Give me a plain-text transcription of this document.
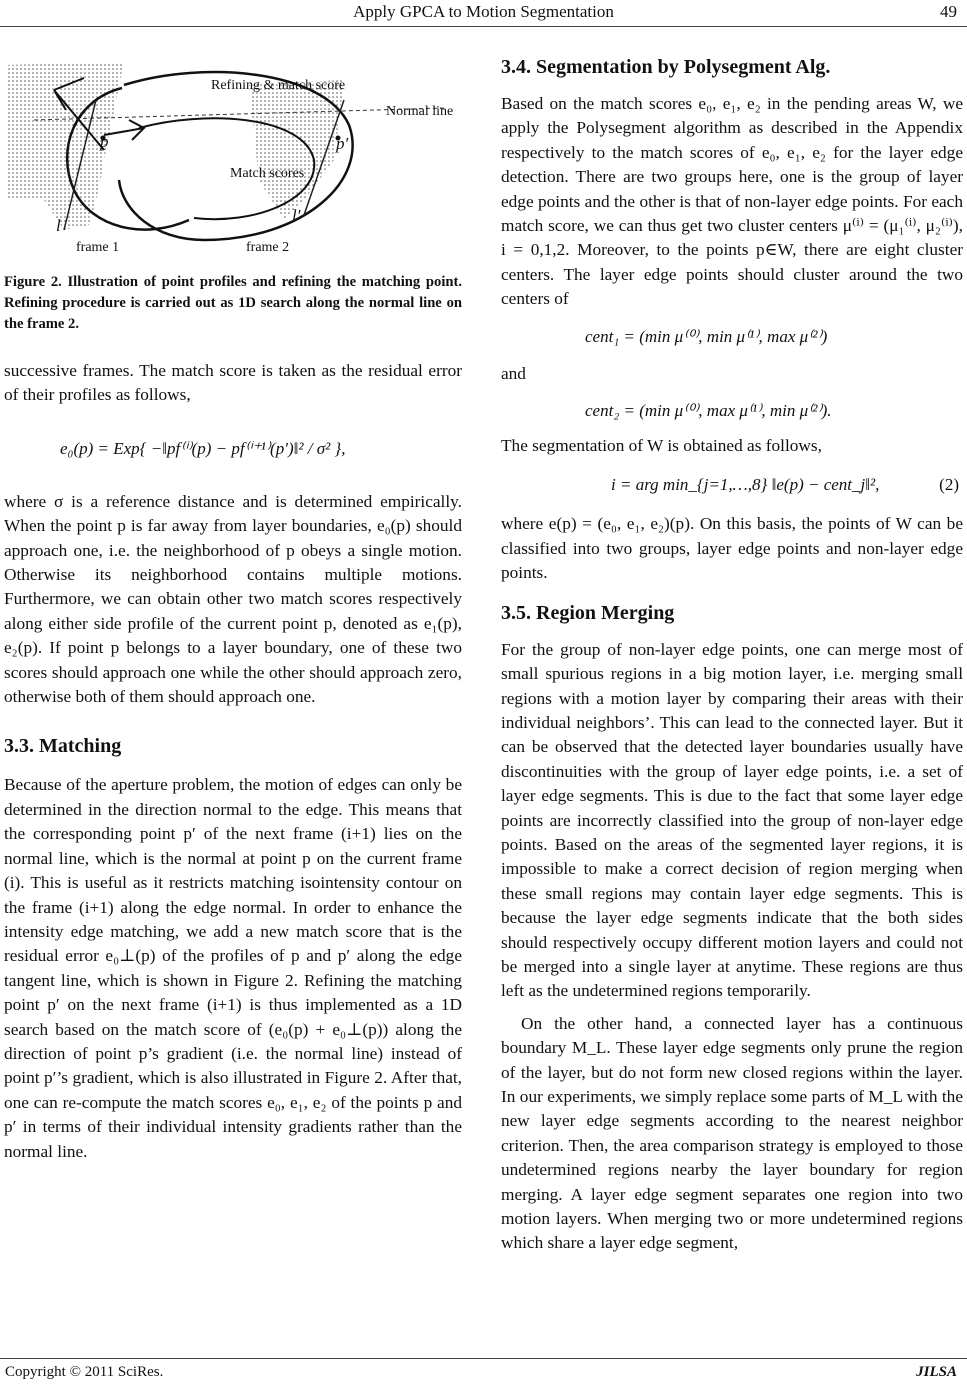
Apply GPCA to Motion Segmentation	49
Refining & match score
Normal line
Match scores
frame 1	frame 2
l
l′
p	p′
Figure 2. Illustration of point profiles and refining the matching point. Refining procedure is carried out as 1D search along the normal line on the frame 2.

successive frames. The match score is taken as the residual error of their profiles as follows,

e₀(p) = Exp{ −‖pf⁽ⁱ⁾(p) − pf⁽ⁱ⁺¹⁾(p′)‖² / σ² },

where σ is a reference distance and is determined empirically. When the point p is far away from layer boundaries, e₀(p) should approach one, i.e. the neighborhood of p obeys a single motion. Otherwise its neighborhood contains multiple motions. Furthermore, we can obtain other two match scores respectively along either side profile of the current point p, denoted as e₁(p), e₂(p). If point p belongs to a layer boundary, one of these two scores should approach one while the other should approach zero, otherwise both of them should approach one.

3.3. Matching

Because of the aperture problem, the motion of edges can only be determined in the direction normal to the edge. This means that the corresponding point p′ of the next frame (i+1) lies on the normal line, which is the normal at point p on the current frame (i). This is useful as it restricts matching isointensity contour on the frame (i+1) along the edge normal. In order to enhance the intensity edge matching, we add a new match score that is the residual error e₀⊥(p) of the profiles of p and p′ along the edge tangent line, which is shown in Figure 2. Refining the matching point p′ on the next frame (i+1) is thus implemented as a 1D search based on the match score of (e₀(p) + e₀⊥(p)) along the direction of point p’s gradient (i.e. the normal line) instead of point p′’s gradient, which is also illustrated in Figure 2. After that, one can re-compute the match scores e₀, e₁, e₂ of the points p and p′ in terms of their individual intensity gradients rather than the normal line.

3.4. Segmentation by Polysegment Alg.

Based on the match scores e₀, e₁, e₂ in the pending areas W, we apply the Polysegment algorithm as described in the Appendix respectively to the match scores of e₀, e₁, e₂ for the layer edge detection. There are two groups here, one is the group of layer edge points and the other is that of non-layer edge points. For each match score, we can thus get two cluster centers μ⁽ⁱ⁾ = (μ₁⁽ⁱ⁾, μ₂⁽ⁱ⁾), i = 0,1,2. Moreover, to the points p∈W, there are eight cluster centers. The layer edge points should cluster around the two centers of

cent₁ = (min μ⁽⁰⁾, min μ⁽¹⁾, max μ⁽²⁾)

and

cent₂ = (min μ⁽⁰⁾, max μ⁽¹⁾, min μ⁽²⁾).

The segmentation of W is obtained as follows,

i = arg min_{j=1,…,8} ‖e(p) − cent_j‖²,	(2)

where e(p) = (e₀, e₁, e₂)(p). On this basis, the points of W can be classified into two groups, layer edge points and non-layer edge points.

3.5. Region Merging

For the group of non-layer edge points, one can merge most of small spurious regions in a big motion layer, i.e. merging small regions with a motion layer by comparing their areas with their individual neighbors’. This can lead to the connected layer. But it can be observed that the detected layer boundaries usually have discontinuities with the group of layer edge points, i.e. a set of layer edge segments. This is due to the fact that some layer edge points are incorrectly classified into the group of non-layer edge points. Based on the areas of the segmented layer regions, it is impossible to make a correct decision of region merging when these small regions may contain layer edge segments. This is because the layer edge segments indicate that the both sides should respectively occupy different motion layers and could not be merged into a single layer at anytime. These regions are thus left as the undetermined regions temporarily.

On the other hand, a connected layer has a continuous boundary M_L. These layer edge segments only prune the region of the layer, but do not form new closed regions within the layer. In our experiments, we simply replace some parts of M_L with the new layer edge segments according to the nearest neighbor criterion. Then, the area comparison strategy is employed to those undetermined regions nearby the layer boundary for region merging. A layer edge segment separates one region into two motion layers. When merging two or more undetermined regions which share a layer edge segment,

Copyright © 2011 SciRes.	JILSA
